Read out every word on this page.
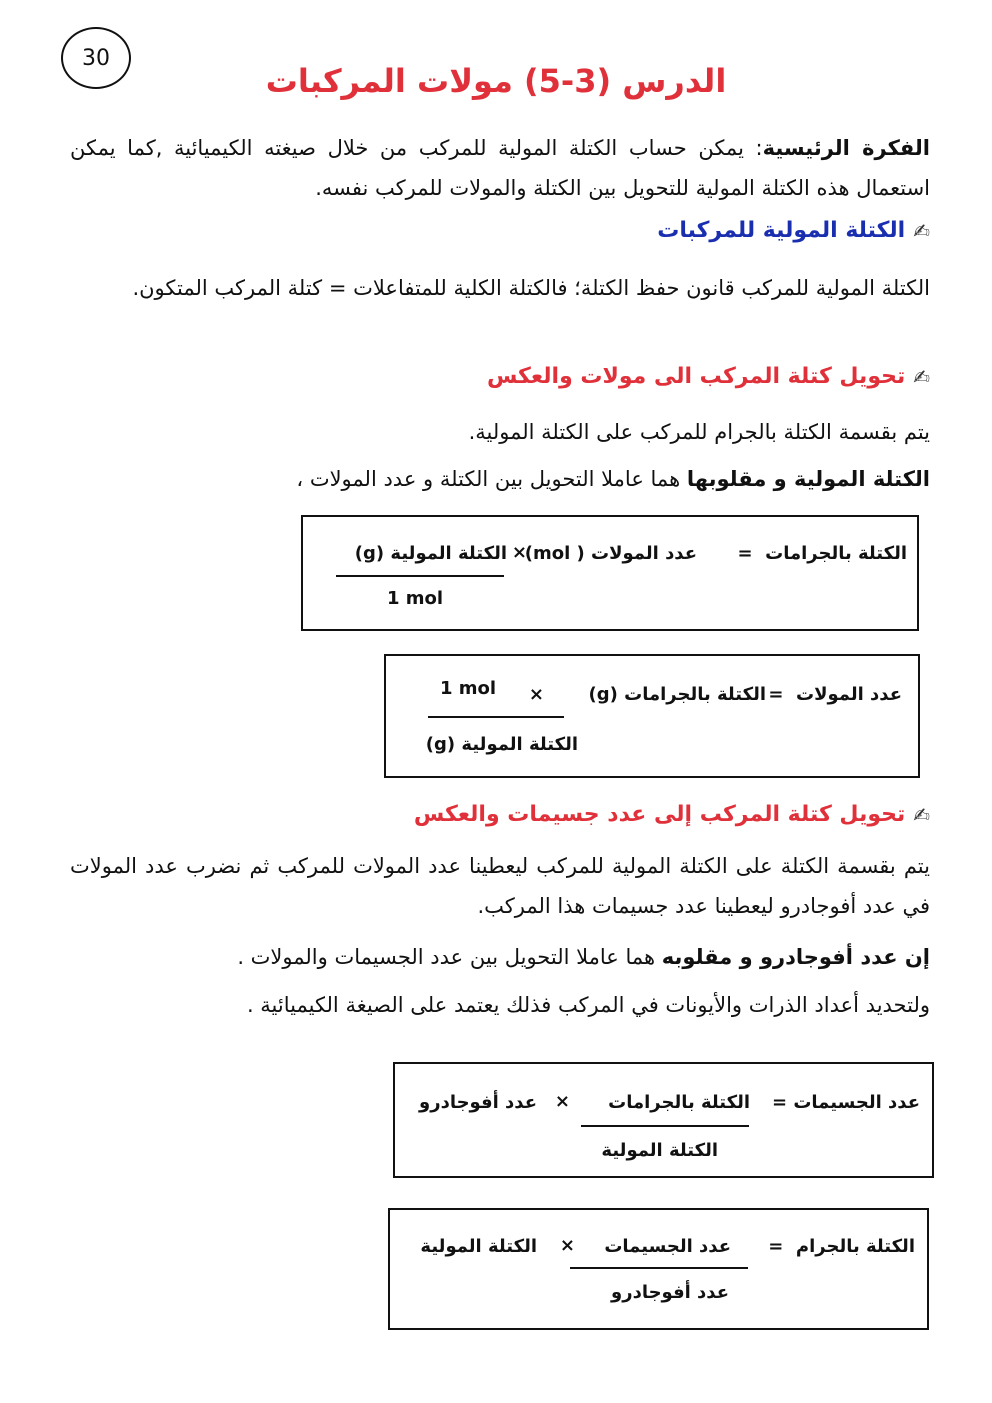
30
الدرس (3-5) مولات المركبات
الفكرة الرئيسية: يمكن حساب الكتلة المولية للمركب من خلال صيغته الكيميائية ,كما يمكن استعمال هذه الكتلة المولية للتحويل بين الكتلة والمولات للمركب نفسه.
✍
الكتلة المولية للمركبات
الكتلة المولية للمركب قانون حفظ الكتلة؛ فالكتلة الكلية للمتفاعلات = كتلة المركب المتكون.
✍
تحويل كتلة المركب الى مولات والعكس
يتم بقسمة الكتلة بالجرام للمركب على الكتلة المولية.
الكتلة المولية و مقلوبها هما عاملا التحويل بين الكتلة و عدد المولات ،
الكتلة بالجرامات  =
عدد المولات ( mol)
×
الكتلة المولية (g)
1 mol
عدد المولات  =
الكتلة بالجرامات (g)
×
1 mol
الكتلة المولية (g)
✍
تحويل كتلة المركب إلى عدد جسيمات والعكس
يتم بقسمة الكتلة على الكتلة المولية للمركب ليعطينا عدد المولات للمركب ثم نضرب عدد المولات في عدد أفوجادرو ليعطينا عدد جسيمات هذا المركب.
إن عدد أفوجادرو و مقلوبه هما عاملا التحويل بين عدد الجسيمات والمولات .
ولتحديد أعداد الذرات والأيونات في المركب فذلك يعتمد على الصيغة الكيميائية .
عدد الجسيمات =
الكتلة بالجرامات
الكتلة المولية
×
عدد أفوجادرو
الكتلة بالجرام  =
عدد الجسيمات
عدد أفوجادرو
×
الكتلة المولية
